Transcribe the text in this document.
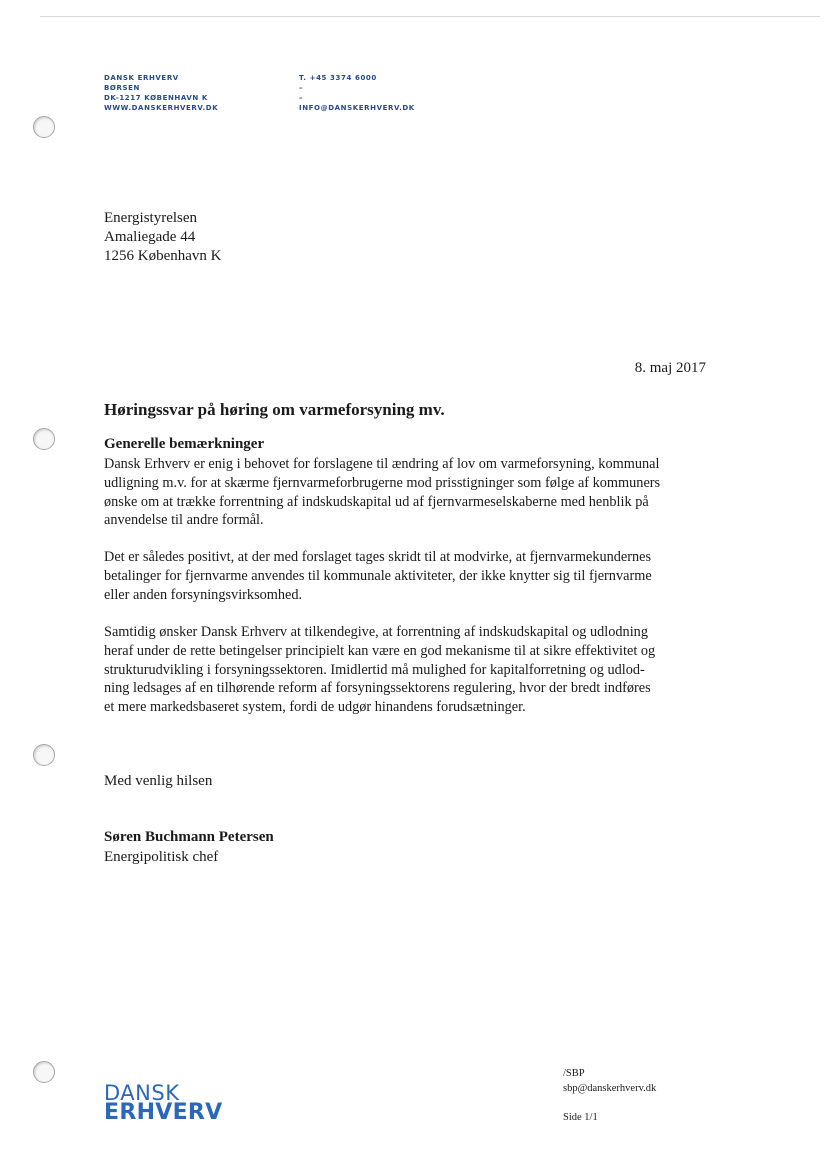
DANSK ERHVERV
BØRSEN
DK-1217 KØBENHAVN K
WWW.DANSKERHVERV.DK
T. +45 3374 6000
–
–
INFO@DANSKERHVERV.DK
Energistyrelsen
Amaliegade 44
1256 København K
8. maj 2017
Høringssvar på høring om varmeforsyning mv.
Generelle bemærkninger
Dansk Erhverv er enig i behovet for forslagene til ændring af lov om varmeforsyning, kommunal
udligning m.v. for at skærme fjernvarmeforbrugerne mod prisstigninger som følge af kommuners
ønske om at trække forrentning af indskudskapital ud af fjernvarmeselskaberne med henblik på
anvendelse til andre formål.
Det er således positivt, at der med forslaget tages skridt til at modvirke, at fjernvarmekundernes
betalinger for fjernvarme anvendes til kommunale aktiviteter, der ikke knytter sig til fjernvarme
eller anden forsyningsvirksomhed.
Samtidig ønsker Dansk Erhverv at tilkendegive, at forrentning af indskudskapital og udlodning
heraf under de rette betingelser principielt kan være en god mekanisme til at sikre effektivitet og
strukturudvikling i forsyningssektoren. Imidlertid må mulighed for kapitalforretning og udlod-
ning ledsages af en tilhørende reform af forsyningssektorens regulering, hvor der bredt indføres
et mere markedsbaseret system, fordi de udgør hinandens forudsætninger.
Med venlig hilsen
Søren Buchmann Petersen
Energipolitisk chef
DANSK
ERHVERV
/SBP
sbp@danskerhverv.dk
Side 1/1
